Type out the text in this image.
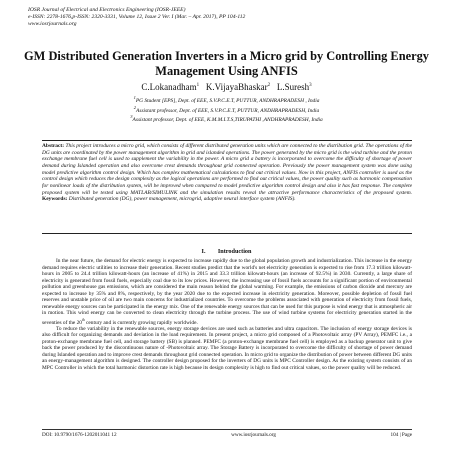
IOSR Journal of Electrical and Electronics Engineering (IOSR-JEEE)
e-ISSN: 2278-1676,p-ISSN: 2320-3331, Volume 12, Issue 2 Ver. I (Mar. – Apr. 2017), PP 104-112
www.iosrjournals.org
GM Distributed Generation Inverters in a Micro grid by Controlling Energy Management Using ANFIS
C.Lokanadham$^1$ K.VijayaBhaskar$^2$ L.Suresh$^3$
$^1$PG Student [EPS], Dept. of EEE, S.V.P.C.E.T, PUTTUR, ANDHRAPRADESH , India
$^2$Assistant professor, Dept. of EEE, S.V.P.C.E.T, PUTTUR, ANDHRAPRADESH, India
$^3$Assistant professor, Dept. of EEE, K.M.M.I.T.S,TIRUPATHI ,ANDHRAPRADESH, India
Abstract: This project introduces a micro grid, which consists of different distributed generation units which are connected to the distribution grid. The operations of the DG units are coordinated by the power management algorithm in grid and islanded operations. The power generated by the micro grid is the wind turbine and the proton exchange membrane fuel cell is used to supplement the variability in the power. A micro grid a battery is incorporated to overcome the difficulty of shortage of power demand during Islanded operation and also overcome crest demands throughout grid connected operation. Previously the power management system was done using model predictive algorithm control design. Which has complex mathematical calculations to find out critical values. Now in this project, ANFIS controller is used as the control design which reduces the design complexity as the logical operations are performed to find out critical values, the power quality such as harmonic compensation for nonlinear loads of the distribution system, will be improved when compared to model predictive algorithm control design and also it has fast response. The complete proposed system will be tested using MATLAB/SIMULINK and the simulation results reveal the attractive performance characteristics of the proposed system. Keywords: Distributed generation (DG), power management, microgrid, adaptive neural interface system (ANFIS).
I. Introduction

In the near future, the demand for electric energy is expected to increase rapidly due to the global population growth and industrialization. This increase in the energy demand requires electric utilities to increase their generation. Recent studies predict that the world's net electricity generation is expected to rise from 17.3 trillion kilowatt-hours in 2005 to 24.4 trillion kilowatt-hours (an increase of 41%) in 2015 and 33.3 trillion kilowatt-hours (an increase of 92.5%) in 2030. Currently, a large share of electricity is generated from fossil fuels, especially coal due to its low prices. However, the increasing use of fossil fuels accounts for a significant portion of environmental pollution and greenhouse gas emissions, which are considered the main reason behind the global warming. For example, the emissions of carbon dioxide and mercury are expected to increase by 35% and 8%, respectively, by the year 2020 due to the expected increase in electricity generation. Moreover, possible depletion of fossil fuel reserves and unstable price of oil are two main concerns for industrialized countries. To overcome the problems associated with generation of electricity from fossil fuels, renewable energy sources can be participated in the energy mix. One of the renewable energy sources that can be used for this purpose is wind energy that is atmospheric air in motion. This wind energy can be converted to clean electricity through the turbine process. The use of wind turbine systems for electricity generation started in the seventies of the 20th century and is currently growing rapidly worldwide.

To reduce the variability in the renewable sources, energy storage devices are used such as batteries and ultra capacitors. The inclusion of energy storage devices is also difficult for organizing demands and deviation in the load requirement. In present project, a micro grid composed of a Photovoltaic array (PV Array), PEMFC i.e., a proton-exchange membrane fuel cell, and storage battery (SB) is planned. PEMFC (a proton-exchange membrane fuel cell) is employed as a backup generator unit to give back the power produced by the discontinuous nature of -Photovoltaic array. The Storage Battery is incorporated to overcome the difficulty of shortage of power demand during Islanded operation and to improve crest demands throughout grid connected operation. In micro grid to organize the distribution of power between different DG units an energy-management algorithm is designed. The controller design proposed for the inverters of DG units is MPC Controller design. As the existing system consists of an MPC Controller in which the total harmonic distortion rate is high because its design complexity is high to find out critical values, so the power quality will be reduced.

DOI: 10.9790/1676-1202011041 12	www.iosrjournals.org	104 | Page
